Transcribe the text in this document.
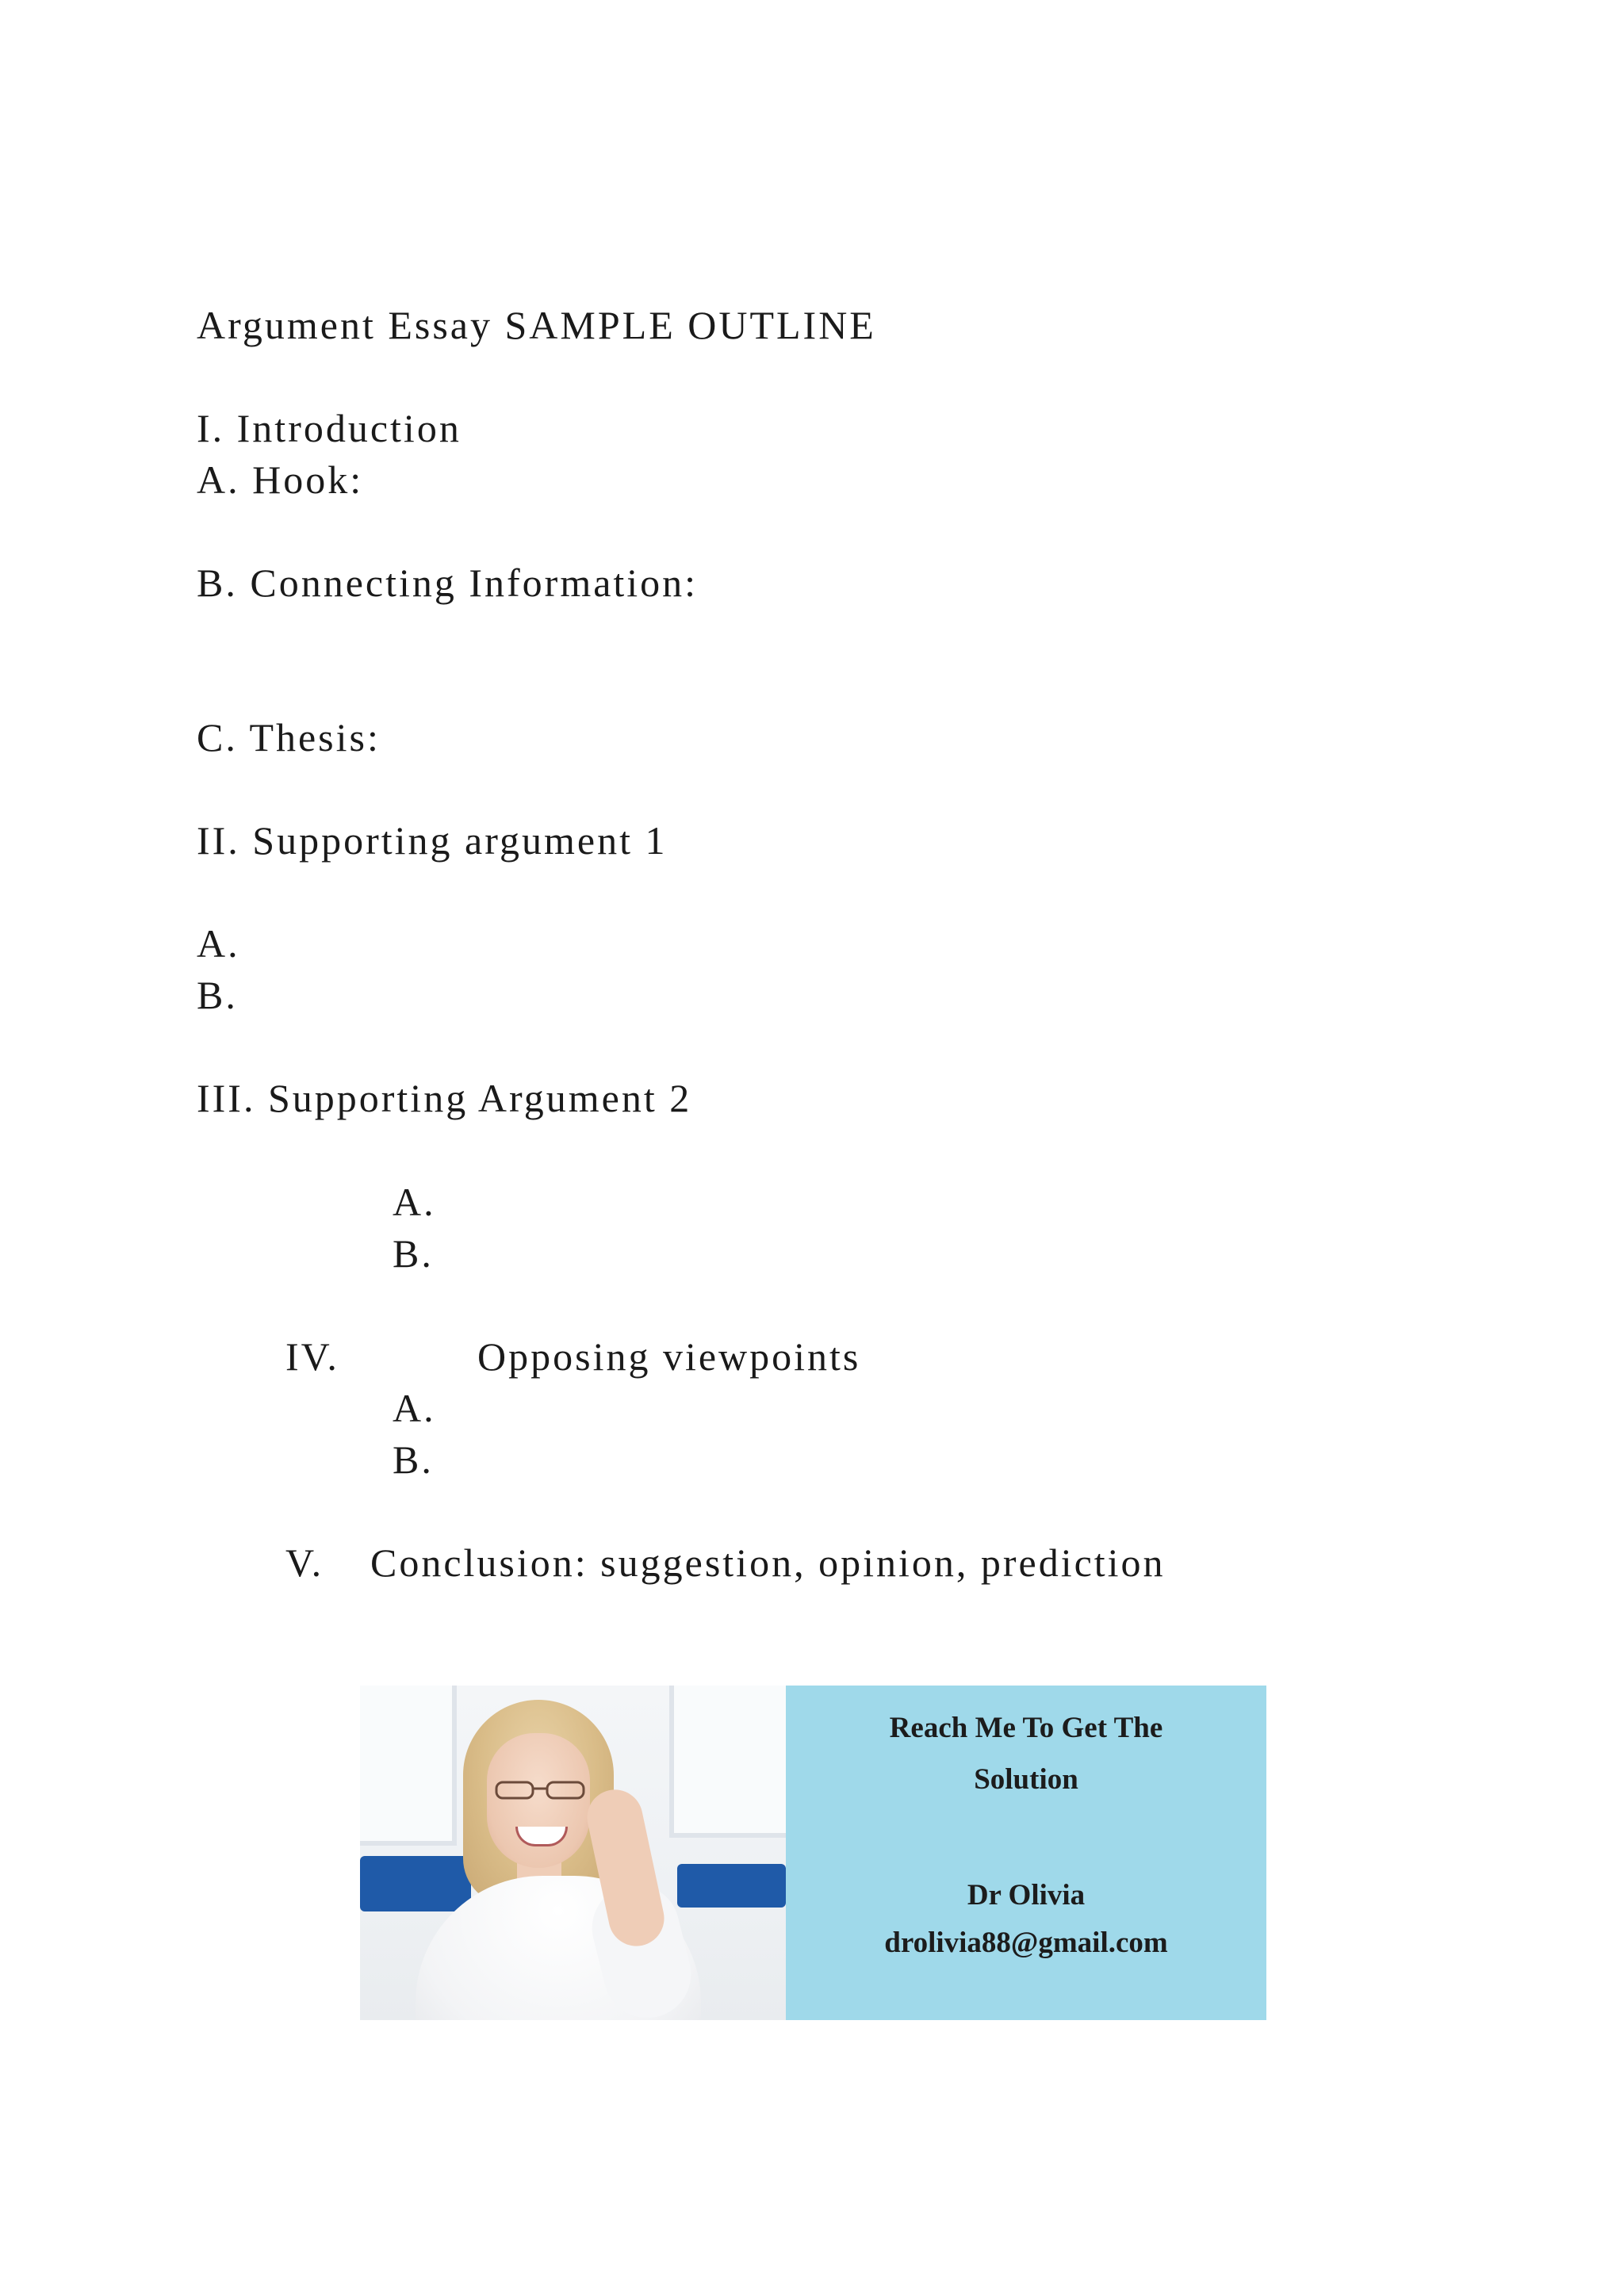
Argument Essay SAMPLE OUTLINE
I. Introduction
A. Hook:
B. Connecting Information:
C. Thesis:
II. Supporting argument 1
A.
B.
III. Supporting Argument 2
A.
B.
IV.	Opposing viewpoints
A.
B.
V. Conclusion: suggestion, opinion, prediction
Reach Me To Get The
Solution
Dr Olivia
drolivia88@gmail.com
